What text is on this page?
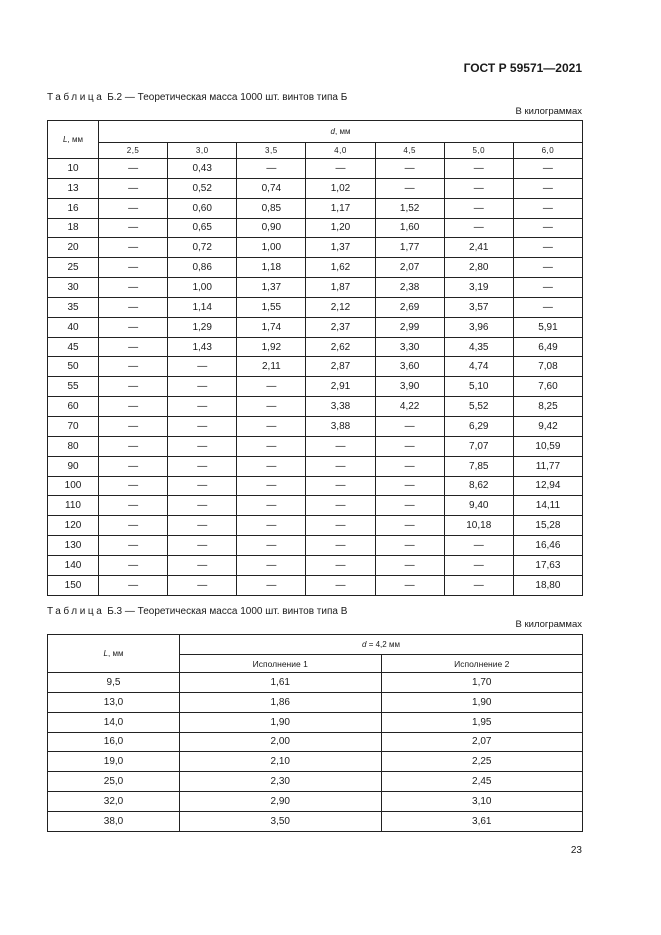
ГОСТ Р 59571—2021
Таблица Б.2 — Теоретическая масса 1000 шт. винтов типа Б
В килограммах
L, мм	d, мм						
	2,5	3,0	3,5	4,0	4,5	5,0	6,0
10	—	0,43	—	—	—	—	—
13	—	0,52	0,74	1,02	—	—	—
16	—	0,60	0,85	1,17	1,52	—	—
18	—	0,65	0,90	1,20	1,60	—	—
20	—	0,72	1,00	1,37	1,77	2,41	—
25	—	0,86	1,18	1,62	2,07	2,80	—
30	—	1,00	1,37	1,87	2,38	3,19	—
35	—	1,14	1,55	2,12	2,69	3,57	—
40	—	1,29	1,74	2,37	2,99	3,96	5,91
45	—	1,43	1,92	2,62	3,30	4,35	6,49
50	—	—	2,11	2,87	3,60	4,74	7,08
55	—	—	—	2,91	3,90	5,10	7,60
60	—	—	—	3,38	4,22	5,52	8,25
70	—	—	—	3,88	—	6,29	9,42
80	—	—	—	—	—	7,07	10,59
90	—	—	—	—	—	7,85	11,77
100	—	—	—	—	—	8,62	12,94
110	—	—	—	—	—	9,40	14,11
120	—	—	—	—	—	10,18	15,28
130	—	—	—	—	—	—	16,46
140	—	—	—	—	—	—	17,63
150	—	—	—	—	—	—	18,80
Таблица Б.3 — Теоретическая масса 1000 шт. винтов типа В
В килограммах
L, мм	d = 4,2 мм	
	Исполнение 1	Исполнение 2
9,5	1,61	1,70
13,0	1,86	1,90
14,0	1,90	1,95
16,0	2,00	2,07
19,0	2,10	2,25
25,0	2,30	2,45
32,0	2,90	3,10
38,0	3,50	3,61
23
